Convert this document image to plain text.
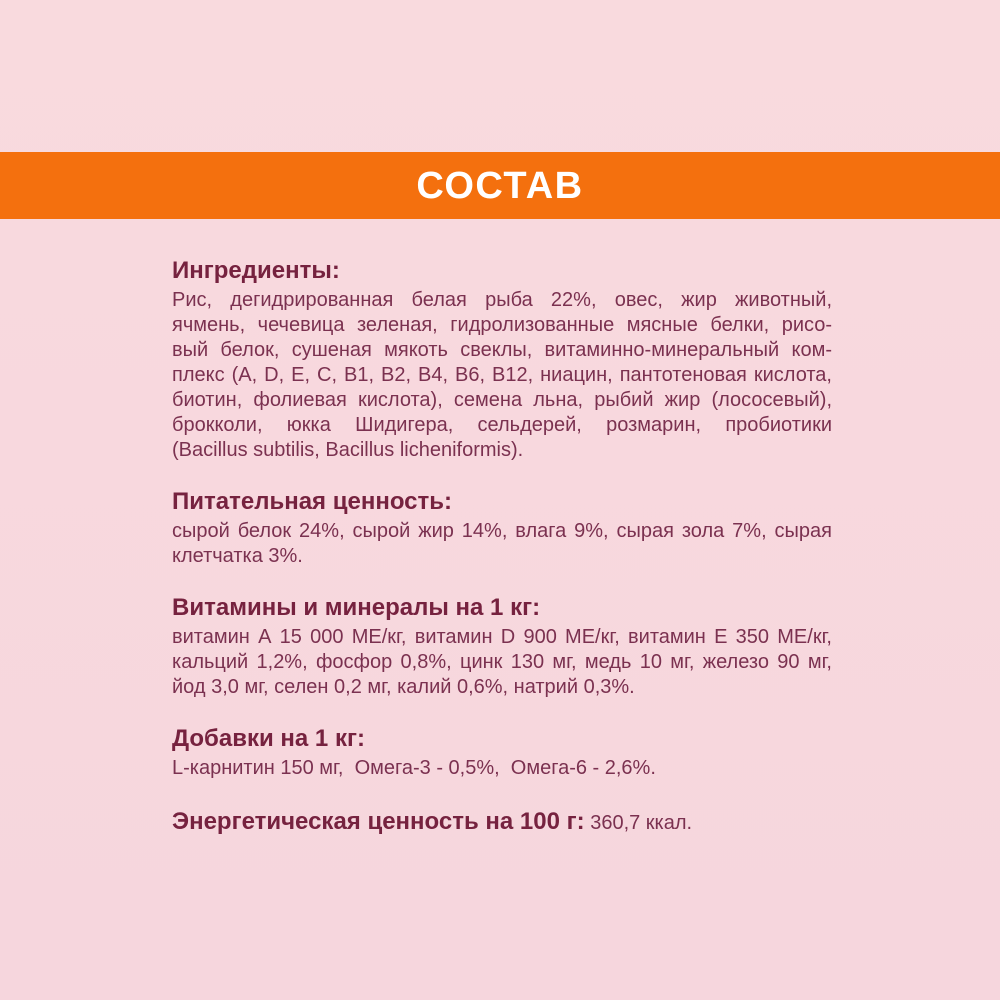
СОСТАВ
Ингредиенты:
Рис, дегидрированная белая рыба 22%, овес, жир животный,
ячмень, чечевица зеленая, гидролизованные мясные белки, рисо-
вый белок, сушеная мякоть свеклы, витаминно-минеральный ком-
плекс (А, D, Е, С, В1, В2, В4, В6, В12, ниацин, пантотеновая кислота,
биотин, фолиевая кислота), семена льна, рыбий жир (лососевый),
брокколи, юкка Шидигера, сельдерей, розмарин, пробиотики
(Bacillus subtilis, Bacillus licheniformis).
Питательная ценность:
сырой белок 24%, сырой жир 14%, влага 9%, сырая зола 7%, сырая
клетчатка 3%.
Витамины и минералы на 1 кг:
витамин А 15 000 МЕ/кг, витамин D 900 МЕ/кг, витамин Е 350 МЕ/кг,
кальций 1,2%, фосфор 0,8%, цинк 130 мг, медь 10 мг, железо 90 мг,
йод 3,0 мг, селен 0,2 мг, калий 0,6%, натрий 0,3%.
Добавки на 1 кг:
L-карнитин 150 мг,  Омега-3 - 0,5%,  Омега-6 - 2,6%.
Энергетическая ценность на 100 г: 360,7 ккал.
